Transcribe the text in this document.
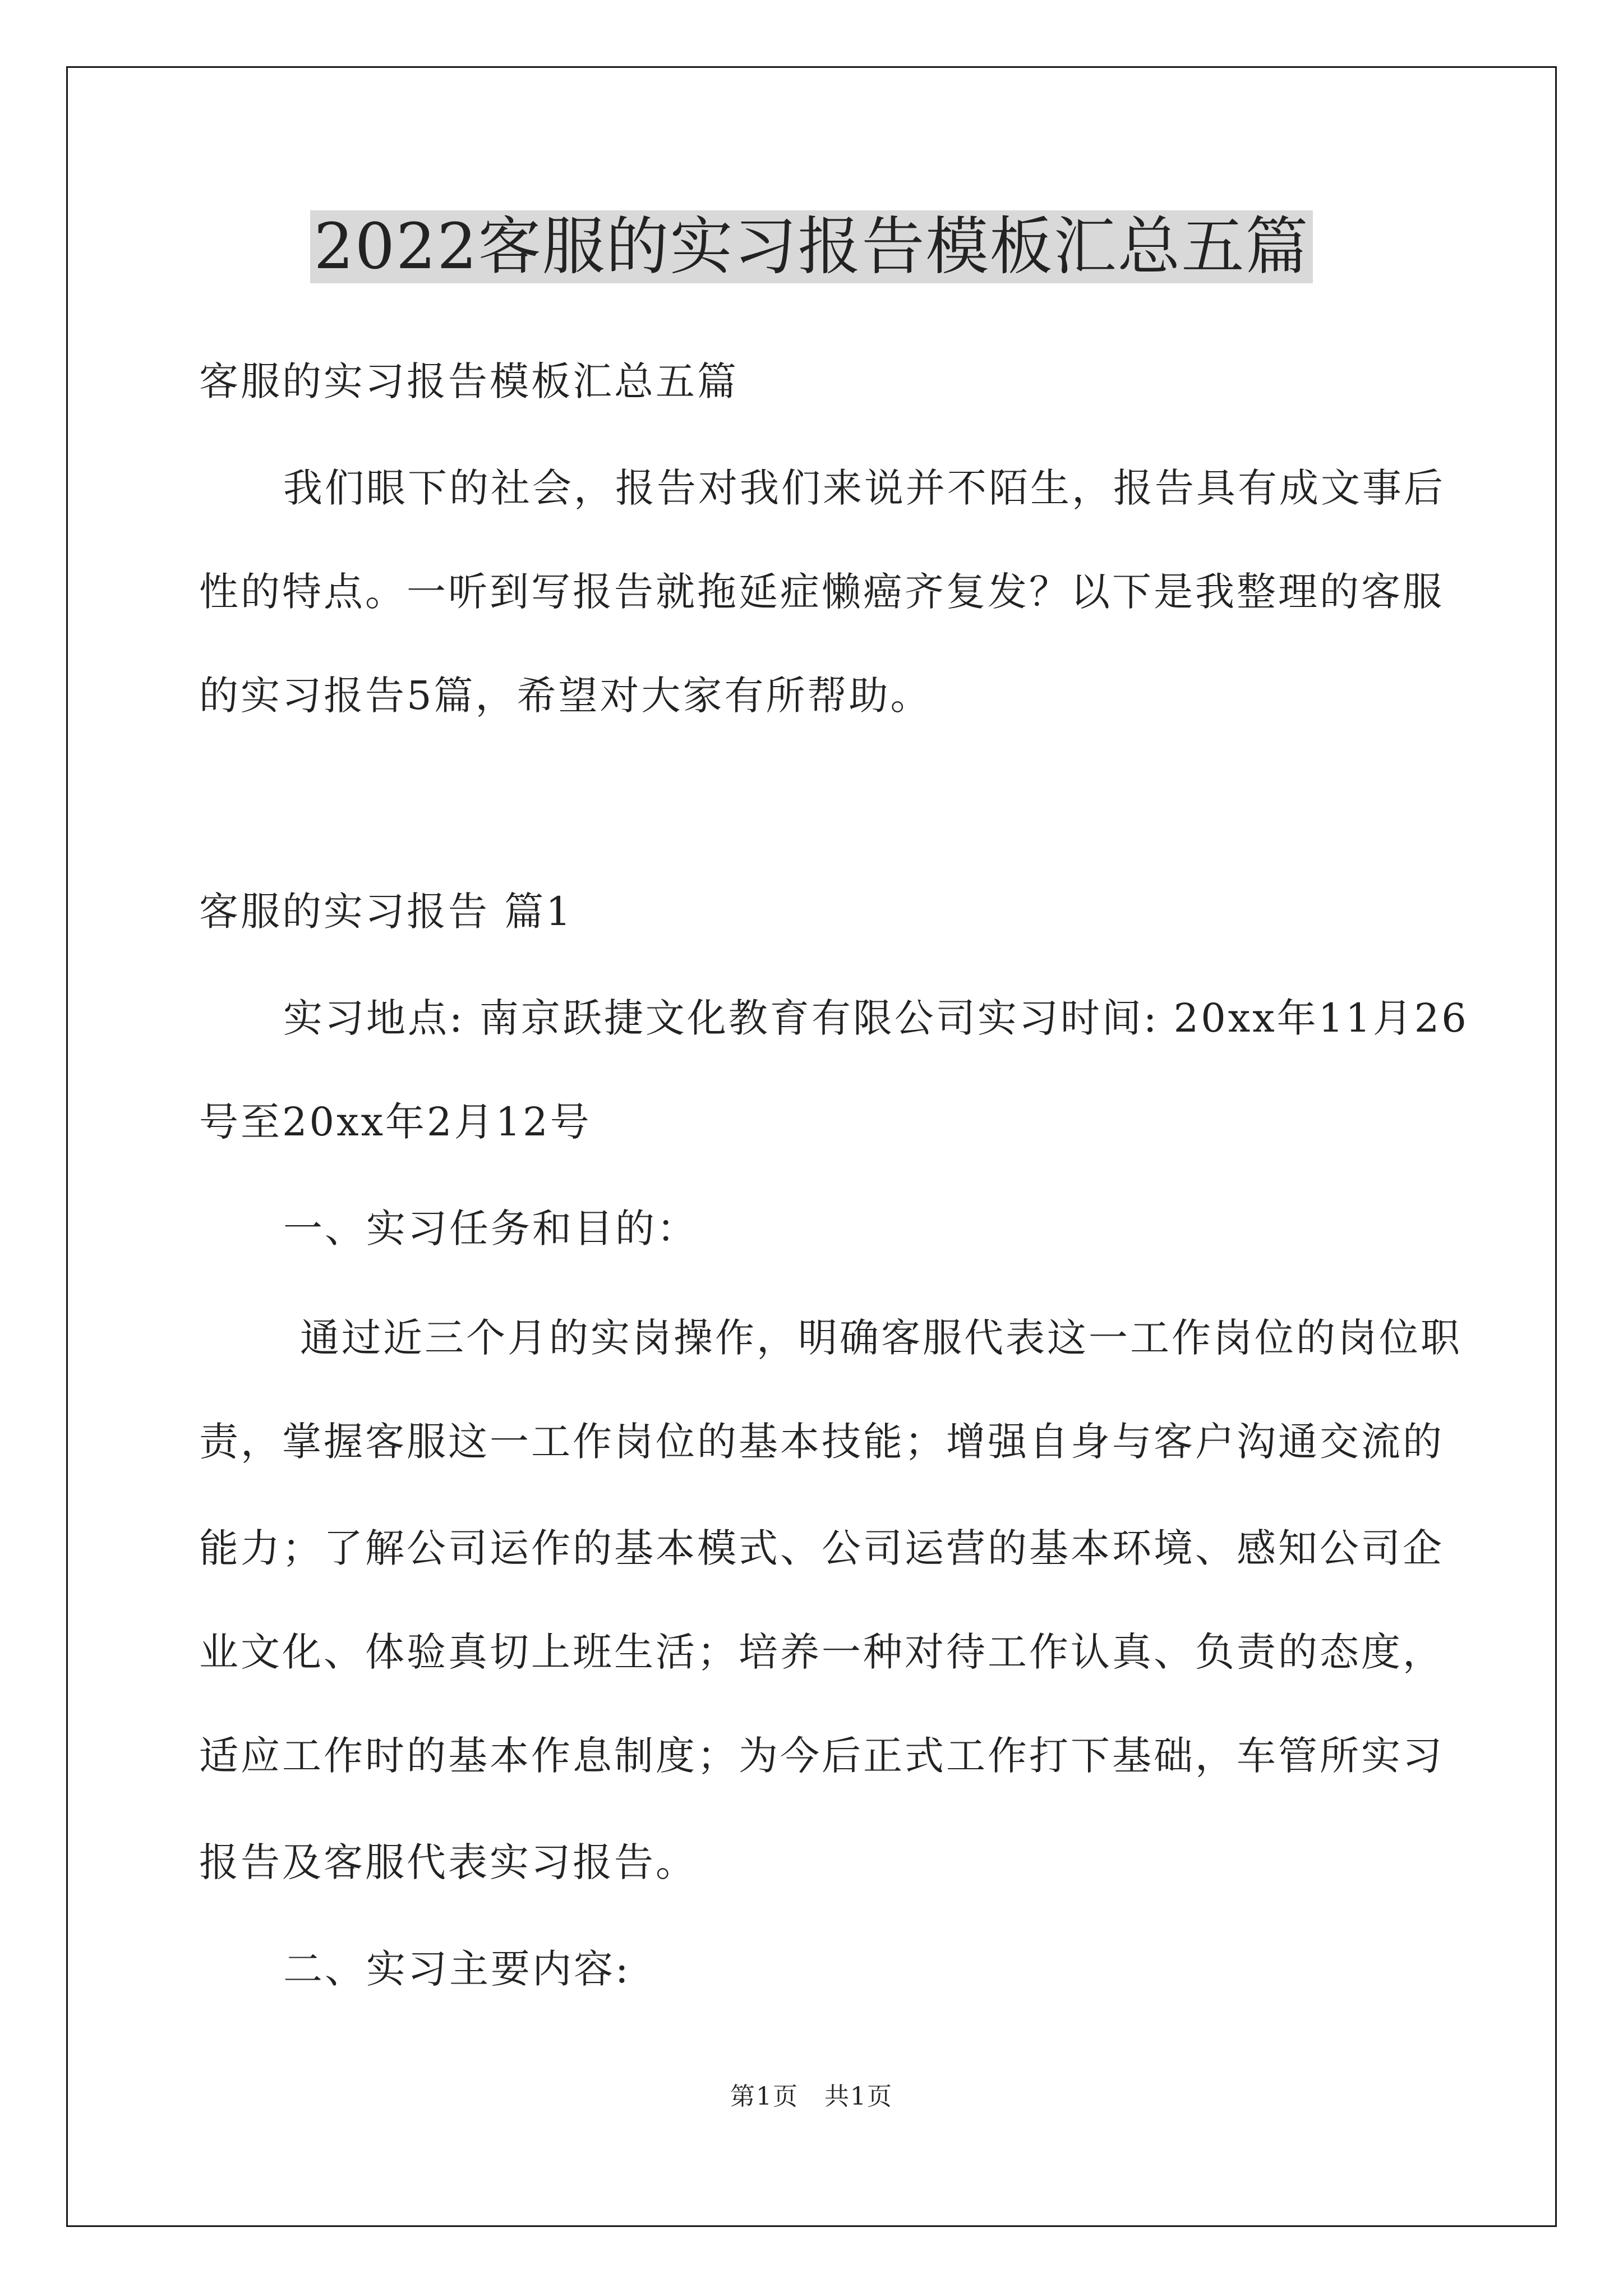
2022客服的实习报告模板汇总五篇
客服的实习报告模板汇总五篇
我们眼下的社会，报告对我们来说并不陌生，报告具有成文事后
性的特点。一听到写报告就拖延症懒癌齐复发？以下是我整理的客服
的实习报告5篇，希望对大家有所帮助。
客服的实习报告 篇1
实习地点: 南京跃捷文化教育有限公司实习时间: 20xx年11月26
号至20xx年2月12号
一、实习任务和目的：
通过近三个月的实岗操作，明确客服代表这一工作岗位的岗位职
责，掌握客服这一工作岗位的基本技能；增强自身与客户沟通交流的
能力；了解公司运作的基本模式、公司运营的基本环境、感知公司企
业文化、体验真切上班生活；培养一种对待工作认真、负责的态度，
适应工作时的基本作息制度；为今后正式工作打下基础，车管所实习
报告及客服代表实习报告。
二、实习主要内容:
第1页　共1页
